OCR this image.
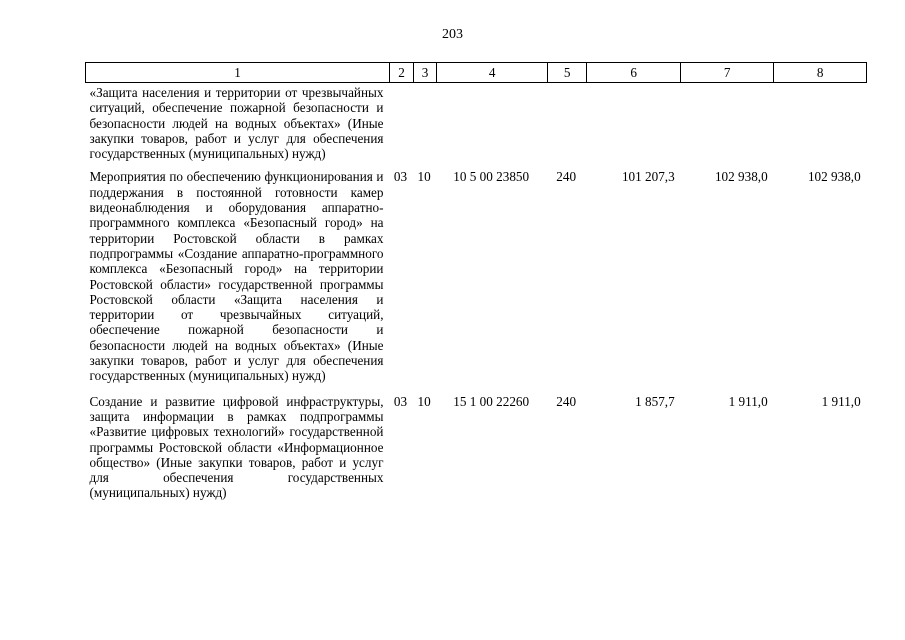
203
1	2	3	4	5	6	7	8

«Защита населения и территории от чрезвычайных ситуаций, обеспечение пожарной безопасности и безопасности людей на водных объектах» (Иные закупки товаров, работ и услуг для обеспечения государственных (муниципальных) нужд)							

Мероприятия по обеспечению функционирования и поддержания в постоянной готовности камер видеонаблюдения и оборудования аппаратно-программного комплекса «Безопасный город» на территории Ростовской области в рамках подпрограммы «Создание аппаратно-программного комплекса «Безопасный город» на территории Ростовской области» государственной программы Ростовской области «Защита населения и территории от чрезвычайных ситуаций, обеспечение пожарной безопасности и безопасности людей на водных объектах» (Иные закупки товаров, работ и услуг для обеспечения государственных (муниципальных) нужд)	03	10	10 5 00 23850	240	101 207,3	102 938,0	102 938,0

Создание и развитие цифровой инфраструктуры, защита информации в рамках подпрограммы «Развитие цифровых технологий» государственной программы Ростовской области «Информационное общество» (Иные закупки товаров, работ и услуг для обеспечения государственных (муниципальных) нужд)	03	10	15 1 00 22260	240	1 857,7	1 911,0	1 911,0
